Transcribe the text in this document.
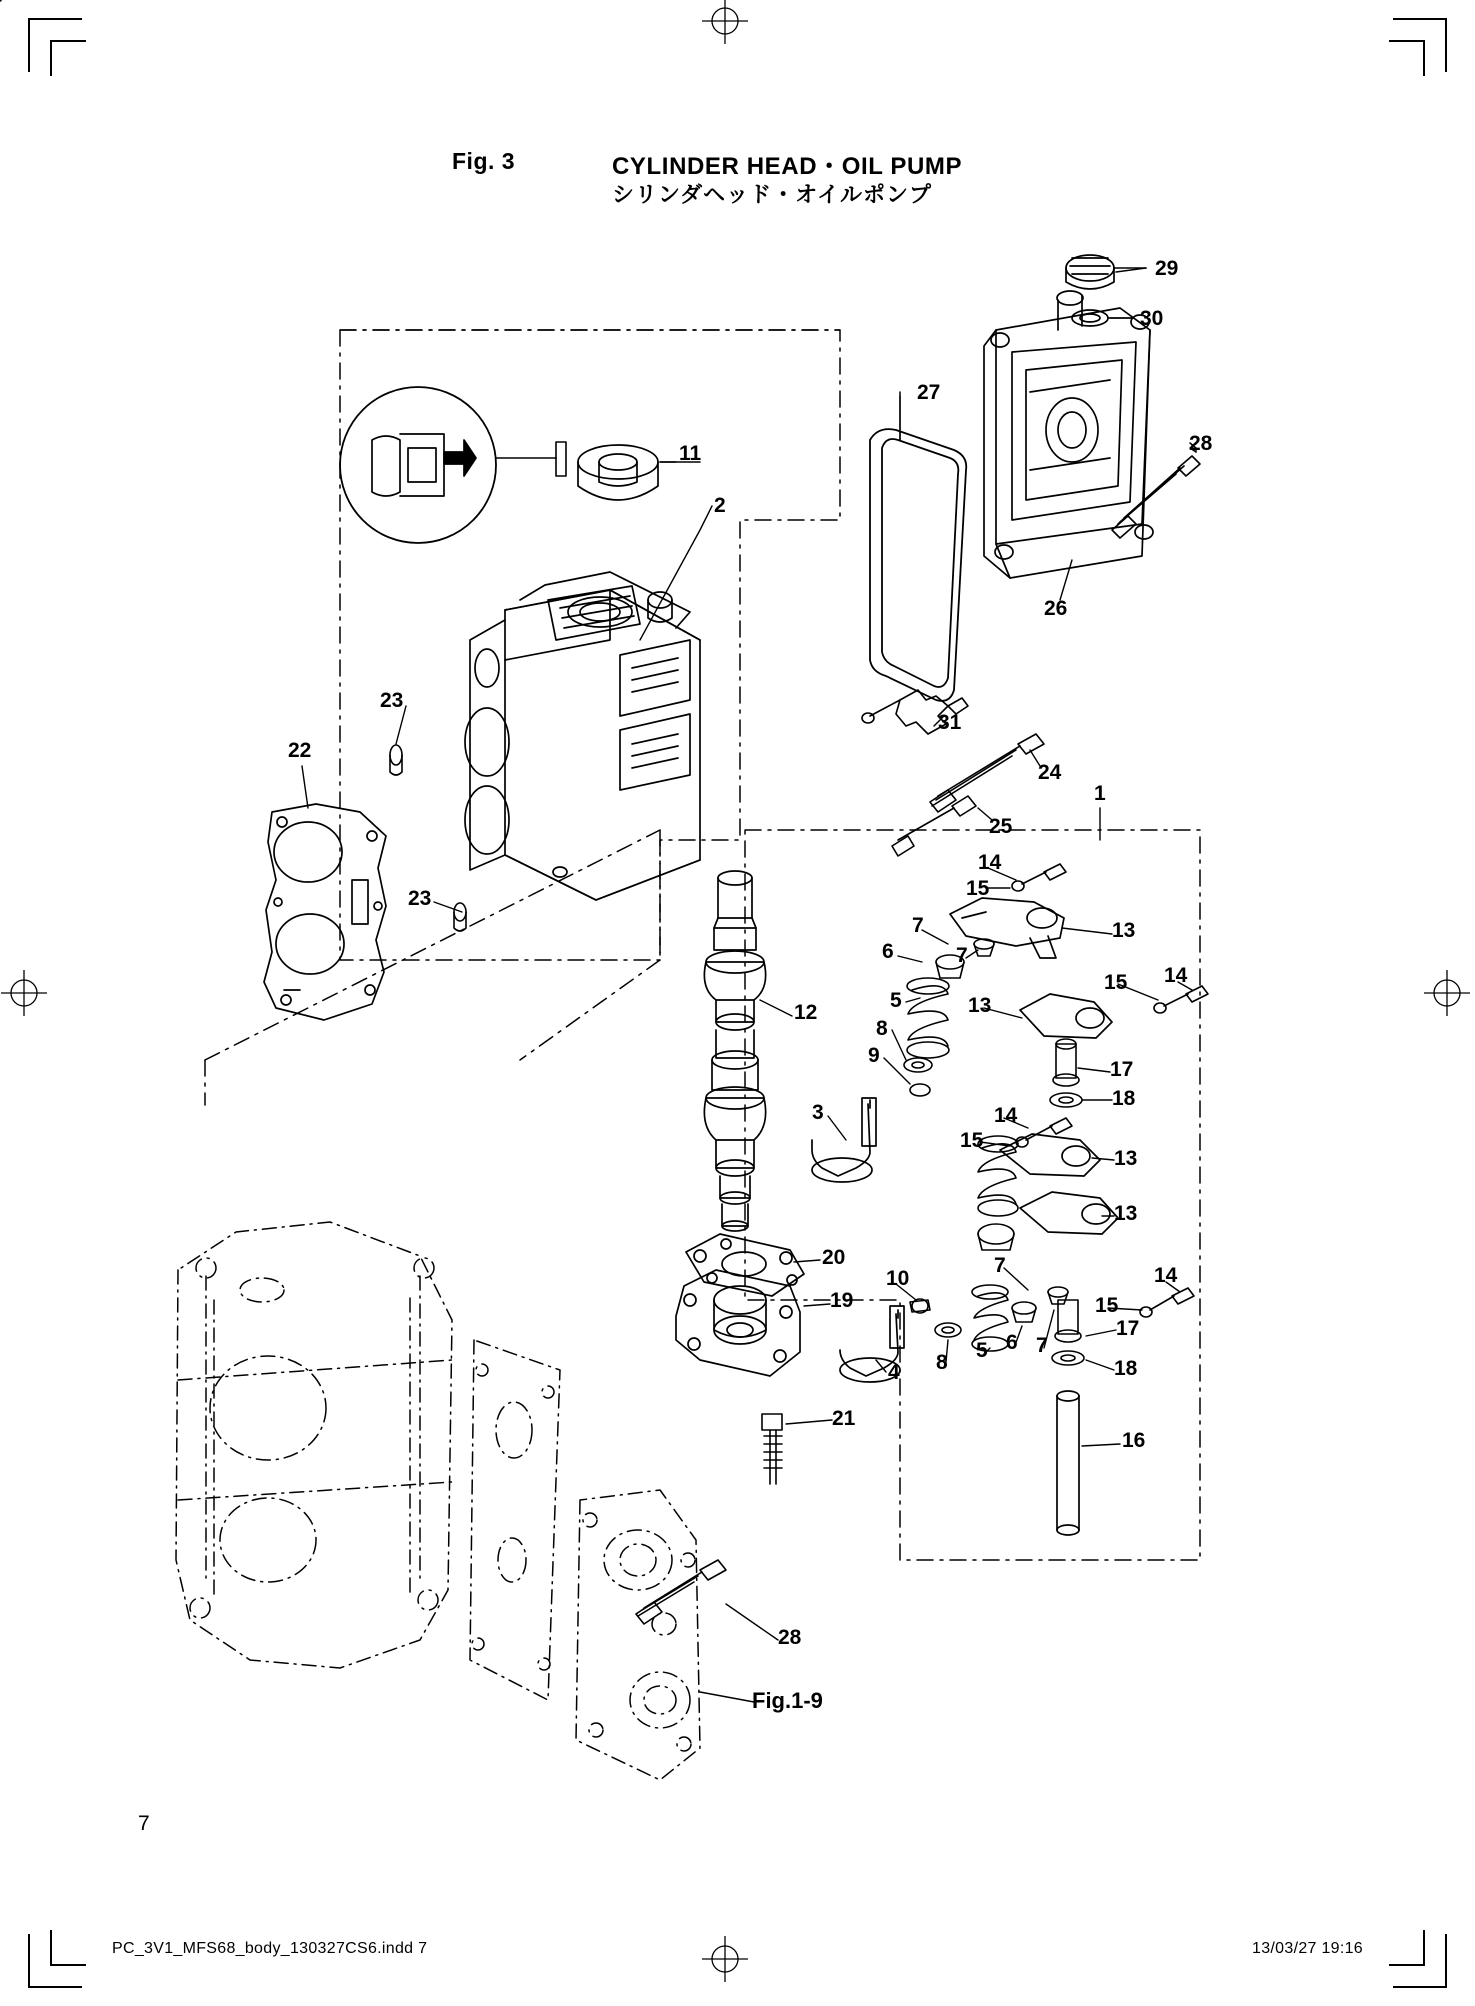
Fig. 3	CYLINDER HEAD・OIL PUMP
シリンダヘッド・オイルポンプ
29
30
27
28
11
2
26
23
31
24
22
25
1
23
14
15
7
6
13
7
5
15 14
8
13
9
12
17
18
3	14
15
13
13
20	7
19
10	14
15
17
6 7
5
8	18
4
21
16
28
Fig.1-9
7
PC_3V1_MFS68_body_130327CS6.indd 7	13/03/27 19:16
